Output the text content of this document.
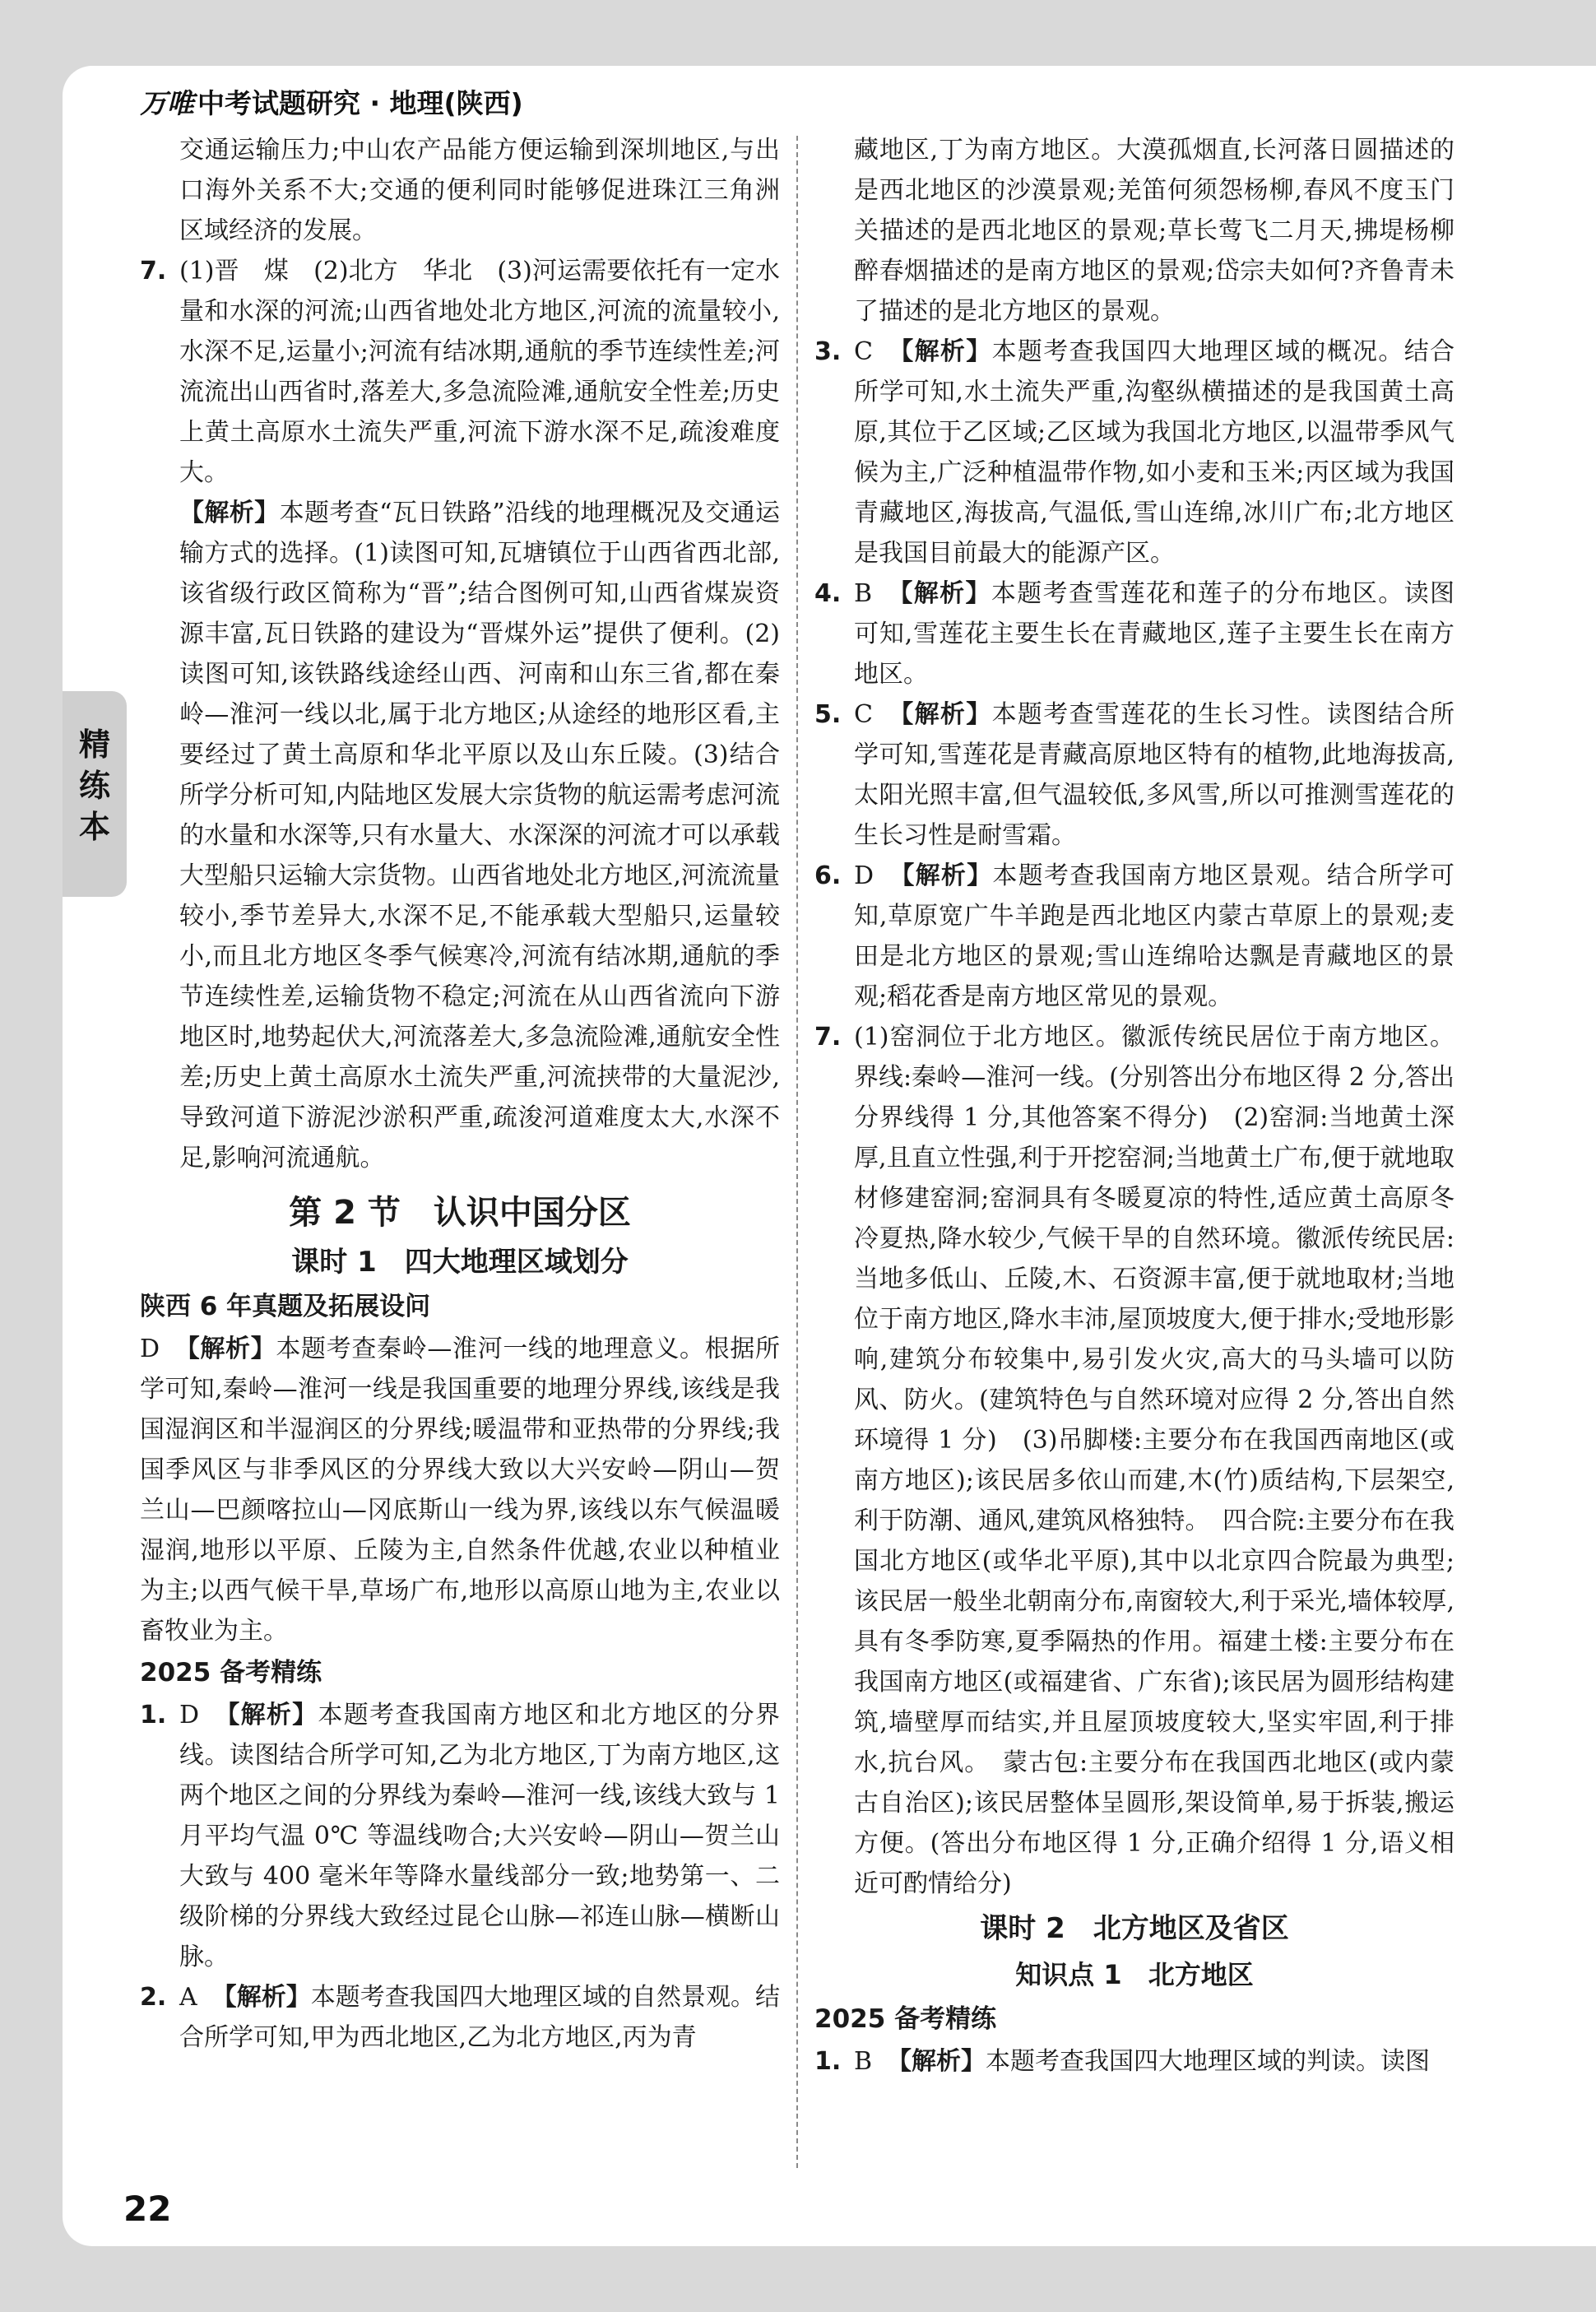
万唯 中考试题研究 · 地理(陕西)
精练本

交通运输压力;中山农产品能方便运输到深圳地区,与出口海外关系不大;交通的便利同时能够促进珠江三角洲区域经济的发展。

7. (1)晋　煤　(2)北方　华北　(3)河运需要依托有一定水量和水深的河流;山西省地处北方地区,河流的流量较小,水深不足,运量小;河流有结冰期,通航的季节连续性差;河流流出山西省时,落差大,多急流险滩,通航安全性差;历史上黄土高原水土流失严重,河流下游水深不足,疏浚难度大。

【解析】本题考查“瓦日铁路”沿线的地理概况及交通运输方式的选择。(1)读图可知,瓦塘镇位于山西省西北部,该省级行政区简称为“晋”;结合图例可知,山西省煤炭资源丰富,瓦日铁路的建设为“晋煤外运”提供了便利。(2)读图可知,该铁路线途经山西、河南和山东三省,都在秦岭—淮河一线以北,属于北方地区;从途经的地形区看,主要经过了黄土高原和华北平原以及山东丘陵。(3)结合所学分析可知,内陆地区发展大宗货物的航运需考虑河流的水量和水深等,只有水量大、水深深的河流才可以承载大型船只运输大宗货物。山西省地处北方地区,河流流量较小,季节差异大,水深不足,不能承载大型船只,运量较小,而且北方地区冬季气候寒冷,河流有结冰期,通航的季节连续性差,运输货物不稳定;河流在从山西省流向下游地区时,地势起伏大,河流落差大,多急流险滩,通航安全性差;历史上黄土高原水土流失严重,河流挟带的大量泥沙,导致河道下游泥沙淤积严重,疏浚河道难度太大,水深不足,影响河流通航。

第 2 节　认识中国分区
课时 1　四大地理区域划分
陕西 6 年真题及拓展设问

D 【解析】本题考查秦岭—淮河一线的地理意义。根据所学可知,秦岭—淮河一线是我国重要的地理分界线,该线是我国湿润区和半湿润区的分界线;暖温带和亚热带的分界线;我国季风区与非季风区的分界线大致以大兴安岭—阴山—贺兰山—巴颜喀拉山—冈底斯山一线为界,该线以东气候温暖湿润,地形以平原、丘陵为主,自然条件优越,农业以种植业为主;以西气候干旱,草场广布,地形以高原山地为主,农业以畜牧业为主。

2025 备考精练
1. D 【解析】本题考查我国南方地区和北方地区的分界线。读图结合所学可知,乙为北方地区,丁为南方地区,这两个地区之间的分界线为秦岭—淮河一线,该线大致与 1 月平均气温 0℃ 等温线吻合;大兴安岭—阴山—贺兰山大致与 400 毫米年等降水量线部分一致;地势第一、二级阶梯的分界线大致经过昆仑山脉—祁连山脉—横断山脉。

2. A 【解析】本题考查我国四大地理区域的自然景观。结合所学可知,甲为西北地区,乙为北方地区,丙为青

藏地区,丁为南方地区。大漠孤烟直,长河落日圆描述的是西北地区的沙漠景观;羌笛何须怨杨柳,春风不度玉门关描述的是西北地区的景观;草长莺飞二月天,拂堤杨柳醉春烟描述的是南方地区的景观;岱宗夫如何?齐鲁青未了描述的是北方地区的景观。

3. C 【解析】本题考查我国四大地理区域的概况。结合所学可知,水土流失严重,沟壑纵横描述的是我国黄土高原,其位于乙区域;乙区域为我国北方地区,以温带季风气候为主,广泛种植温带作物,如小麦和玉米;丙区域为我国青藏地区,海拔高,气温低,雪山连绵,冰川广布;北方地区是我国目前最大的能源产区。

4. B 【解析】本题考查雪莲花和莲子的分布地区。读图可知,雪莲花主要生长在青藏地区,莲子主要生长在南方地区。

5. C 【解析】本题考查雪莲花的生长习性。读图结合所学可知,雪莲花是青藏高原地区特有的植物,此地海拔高,太阳光照丰富,但气温较低,多风雪,所以可推测雪莲花的生长习性是耐雪霜。

6. D 【解析】本题考查我国南方地区景观。结合所学可知,草原宽广牛羊跑是西北地区内蒙古草原上的景观;麦田是北方地区的景观;雪山连绵哈达飘是青藏地区的景观;稻花香是南方地区常见的景观。

7. (1)窑洞位于北方地区。徽派传统民居位于南方地区。界线:秦岭—淮河一线。(分别答出分布地区得 2 分,答出分界线得 1 分,其他答案不得分)　(2)窑洞:当地黄土深厚,且直立性强,利于开挖窑洞;当地黄土广布,便于就地取材修建窑洞;窑洞具有冬暖夏凉的特性,适应黄土高原冬冷夏热,降水较少,气候干旱的自然环境。徽派传统民居:当地多低山、丘陵,木、石资源丰富,便于就地取材;当地位于南方地区,降水丰沛,屋顶坡度大,便于排水;受地形影响,建筑分布较集中,易引发火灾,高大的马头墙可以防风、防火。(建筑特色与自然环境对应得 2 分,答出自然环境得 1 分)　(3)吊脚楼:主要分布在我国西南地区(或南方地区);该民居多依山而建,木(竹)质结构,下层架空,利于防潮、通风,建筑风格独特。　四合院:主要分布在我国北方地区(或华北平原),其中以北京四合院最为典型;该民居一般坐北朝南分布,南窗较大,利于采光,墙体较厚,具有冬季防寒,夏季隔热的作用。福建土楼:主要分布在我国南方地区(或福建省、广东省);该民居为圆形结构建筑,墙壁厚而结实,并且屋顶坡度较大,坚实牢固,利于排水,抗台风。　蒙古包:主要分布在我国西北地区(或内蒙古自治区);该民居整体呈圆形,架设简单,易于拆装,搬运方便。(答出分布地区得 1 分,正确介绍得 1 分,语义相近可酌情给分)

课时 2　北方地区及省区
知识点 1　北方地区
2025 备考精练
1. B 【解析】本题考查我国四大地理区域的判读。读图

22
